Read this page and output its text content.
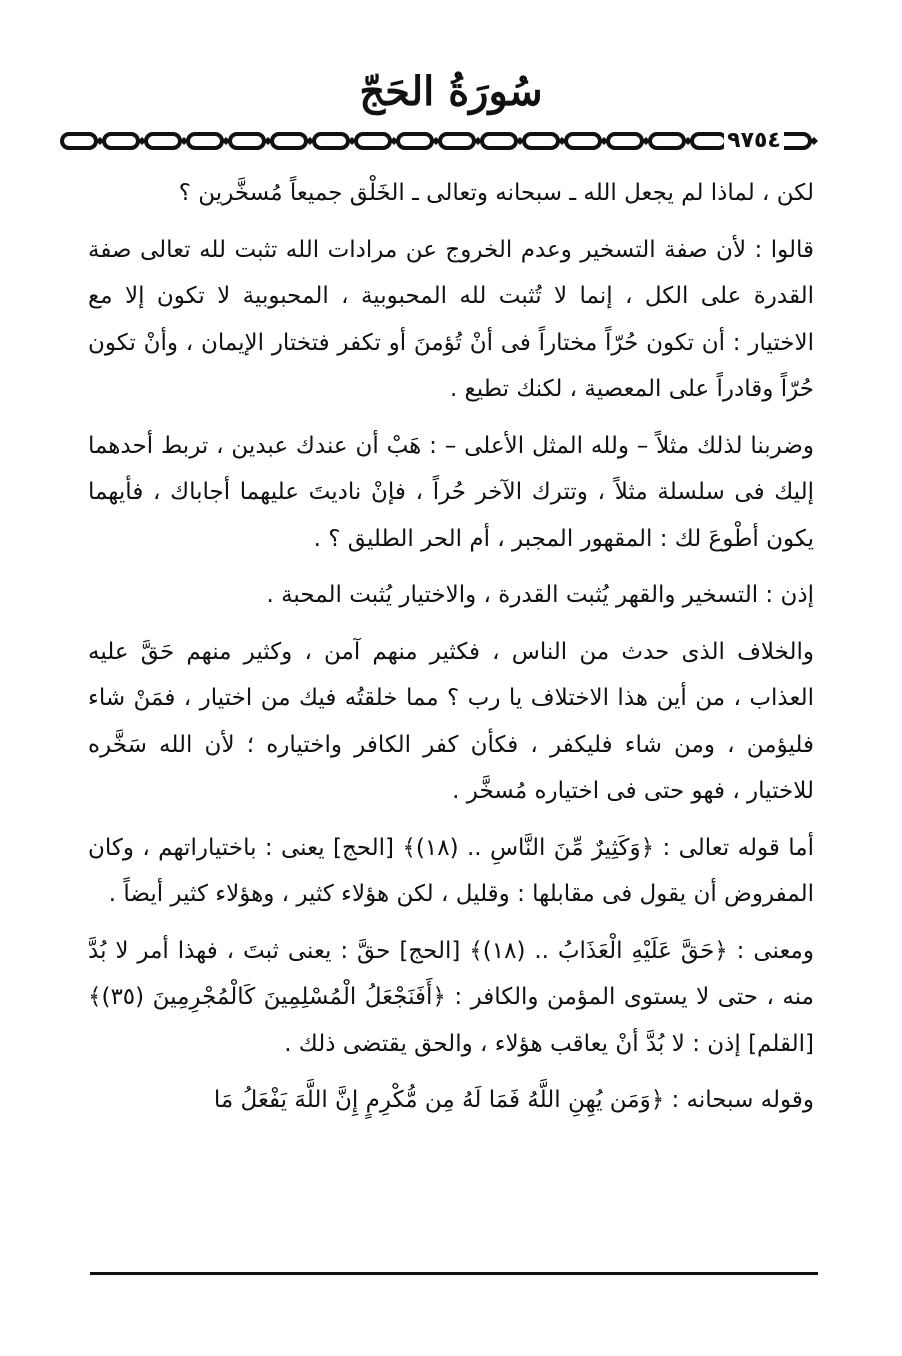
سُورَةُ الحَجّ
٩٧٥٤

لكن ، لماذا لم يجعل الله ـ سبحانه وتعالى ـ الخَلْق جميعاً مُسخَّرين ؟

قالوا : لأن صفة التسخير وعدم الخروج عن مرادات الله تثبت لله تعالى صفة القدرة على الكل ، إنما لا تُثبت لله المحبوبية ، المحبوبية لا تكون إلا مع الاختيار : أن تكون حُرّاً مختاراً فى أنْ تُؤمنَ أو تكفر فتختار الإيمان ، وأنْ تكون حُرّاً وقادراً على المعصية ، لكنك تطيع .

وضربنا لذلك مثلاً – ولله المثل الأعلى – : هَبْ أن عندك عبدين ، تربط أحدهما إليك فى سلسلة مثلاً ، وتترك الآخر حُراً ، فإنْ ناديتَ عليهما أجاباك ، فأيهما يكون أطْوعَ لك : المقهور المجبر ، أم الحر الطليق ؟ .

إذن : التسخير والقهر يُثبت القدرة ، والاختيار يُثبت المحبة .

والخلاف الذى حدث من الناس ، فكثير منهم آمن ، وكثير منهم حَقَّ عليه العذاب ، من أين هذا الاختلاف يا رب ؟ مما خلقتُه فيك من اختيار ، فمَنْ شاء فليؤمن ، ومن شاء فليكفر ، فكأن كفر الكافر واختياره ؛ لأن الله سَخَّره للاختيار ، فهو حتى فى اختياره مُسخَّر .

أما قوله تعالى : ﴿وَكَثِيرٌ مِّنَ النَّاسِ .. (١٨)﴾ [الحج] يعنى : باختياراتهم ، وكان المفروض أن يقول فى مقابلها : وقليل ، لكن هؤلاء كثير ، وهؤلاء كثير أيضاً .

ومعنى : ﴿حَقَّ عَلَيْهِ الْعَذَابُ .. (١٨)﴾ [الحج] حقَّ : يعنى ثبتَ ، فهذا أمر لا بُدَّ منه ، حتى لا يستوى المؤمن والكافر : ﴿أَفَنَجْعَلُ الْمُسْلِمِينَ كَالْمُجْرِمِينَ (٣٥)﴾ [القلم] إذن : لا بُدَّ أنْ يعاقب هؤلاء ، والحق يقتضى ذلك .

وقوله سبحانه : ﴿وَمَن يُهِنِ اللَّهُ فَمَا لَهُ مِن مُّكْرِمٍ إِنَّ اللَّهَ يَفْعَلُ مَا
